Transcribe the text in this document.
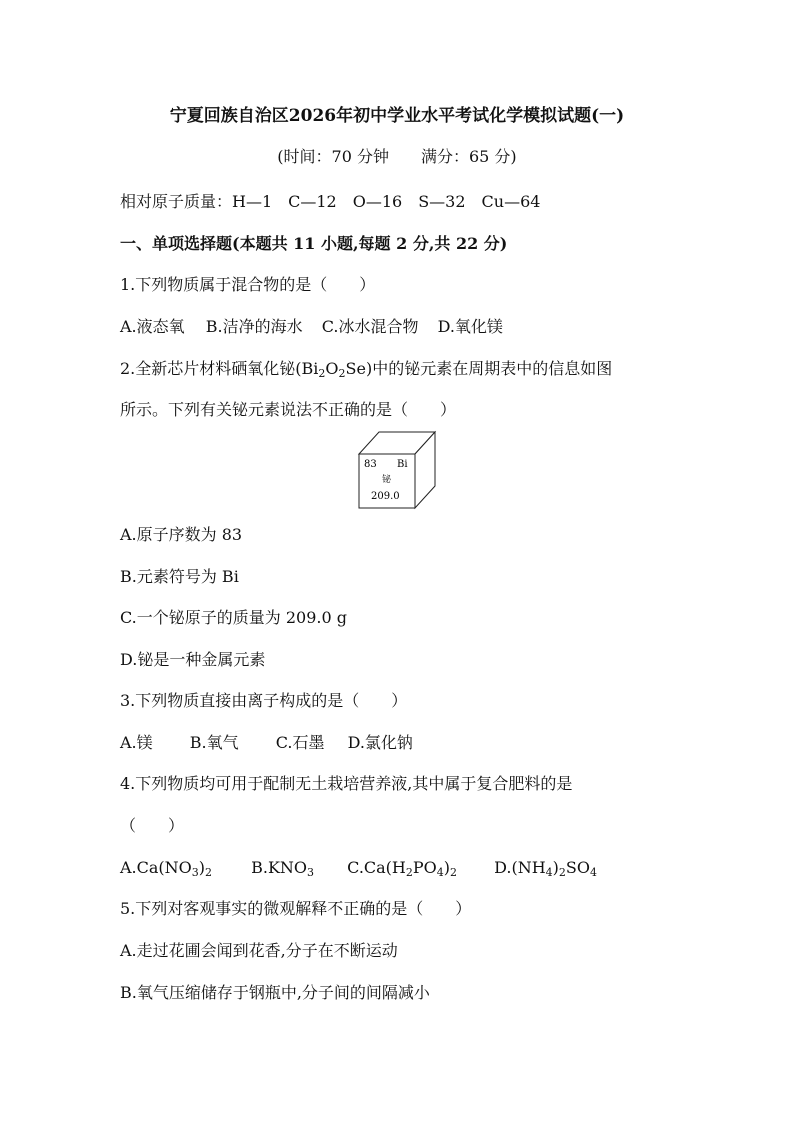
宁夏回族自治区2026年初中学业水平考试化学模拟试题(一)
(时间：70 分钟　　满分：65 分)
相对原子质量：H—1　C—12　O—16　S—32　Cu—64
一、单项选择题(本题共 11 小题,每题 2 分,共 22 分)
1.下列物质属于混合物的是（　　）
A.液态氧 B.洁净的海水 C.冰水混合物 D.氧化镁
2.全新芯片材料硒氧化铋$(Bi_2O_2Se)$中的铋元素在周期表中的信息如图
所示。下列有关铋元素说法不正确的是（　　）
83 Bi
铋
209.0
A.原子序数为 83
B.元素符号为 Bi
C.一个铋原子的质量为 209.0 g
D.铋是一种金属元素
3.下列物质直接由离子构成的是（　　）
A.镁 B.氧气 C.石墨 D.氯化钠
4.下列物质均可用于配制无土栽培营养液,其中属于复合肥料的是
（　　）
$A.Ca(NO_3)_2$ $B.KNO_3$ $C.Ca(H_2PO_4)_2$ $D.(NH_4)_2SO_4$
5.下列对客观事实的微观解释不正确的是（　　）
A.走过花圃会闻到花香,分子在不断运动
B.氧气压缩储存于钢瓶中,分子间的间隔减小
